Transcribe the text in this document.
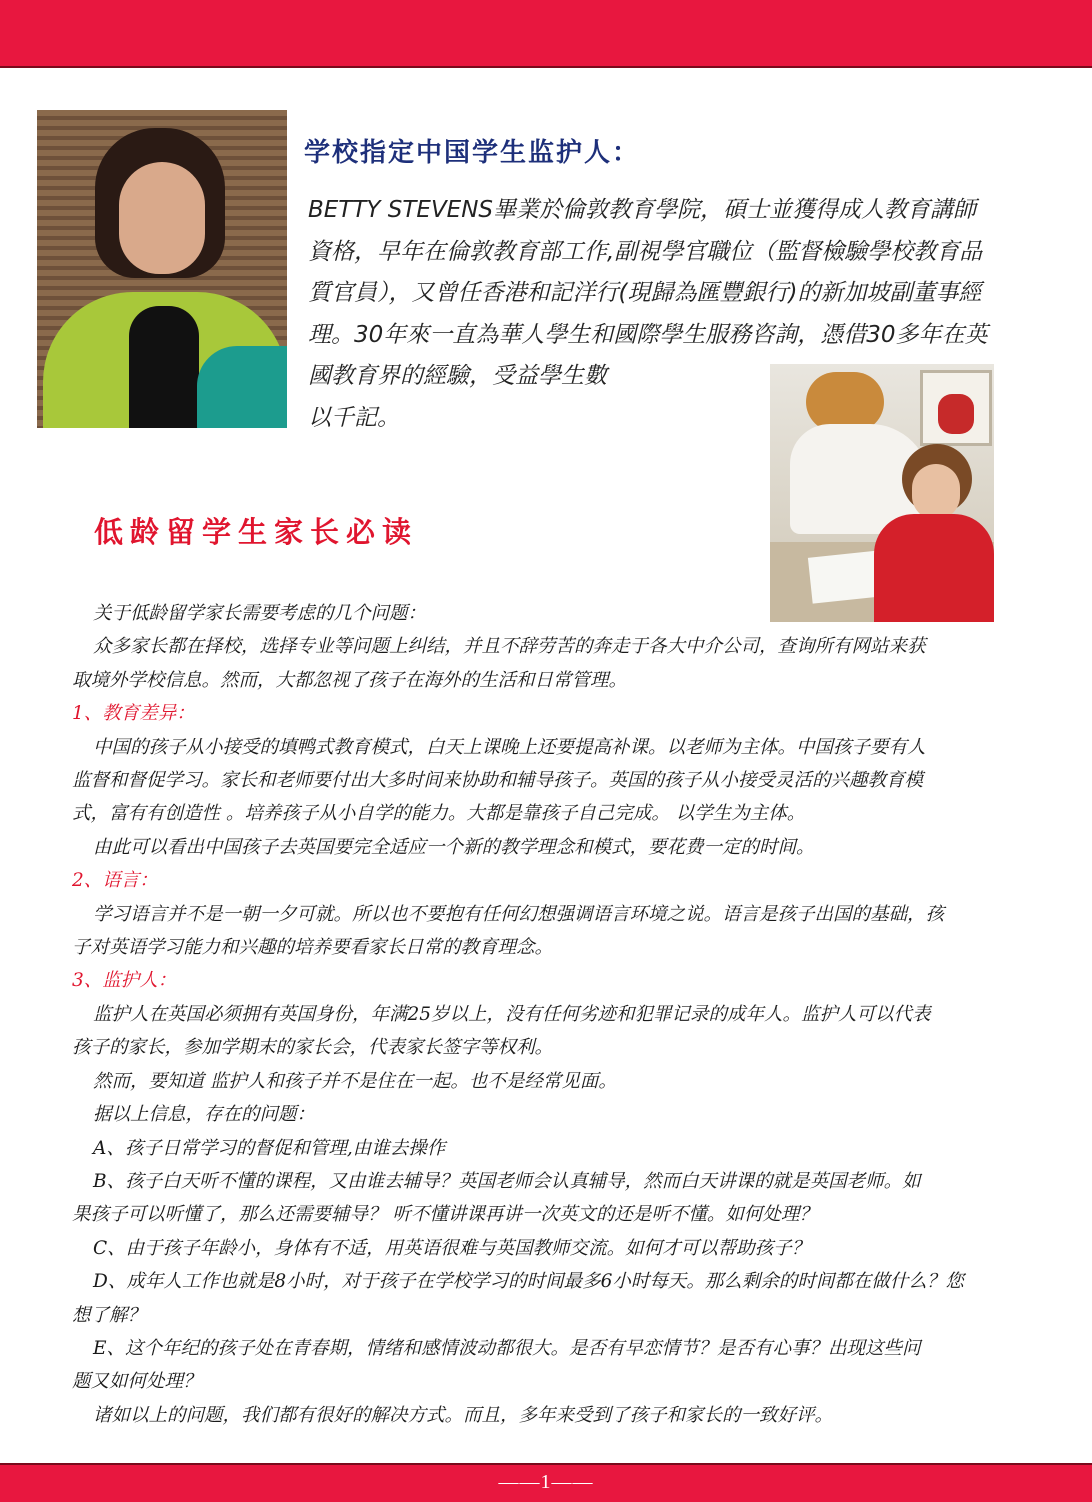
学校指定中国学生监护人：
BETTY STEVENS畢業於倫敦教育學院，碩士並獲得成人教育講師
資格，早年在倫敦教育部工作,副視學官職位（監督檢驗學校教育品
質官員），又曾任香港和記洋行(現歸為匯豐銀行)的新加坡副董事經
理。30年來一直為華人學生和國際學生服務咨詢，憑借30多年在英
國教育界的經驗，受益學生數
以千記。
低龄留学生家长必读
关于低龄留学家长需要考虑的几个问题：
众多家长都在择校，选择专业等问题上纠结，并且不辞劳苦的奔走于各大中介公司，查询所有网站来获
取境外学校信息。然而，大都忽视了孩子在海外的生活和日常管理。
1、教育差异：
中国的孩子从小接受的填鸭式教育模式，白天上课晚上还要提高补课。以老师为主体。中国孩子要有人
监督和督促学习。家长和老师要付出大多时间来协助和辅导孩子。英国的孩子从小接受灵活的兴趣教育模
式，富有有创造性 。培养孩子从小自学的能力。大都是靠孩子自己完成。 以学生为主体。
由此可以看出中国孩子去英国要完全适应一个新的教学理念和模式，要花费一定的时间。
2、语言：
学习语言并不是一朝一夕可就。所以也不要抱有任何幻想强调语言环境之说。语言是孩子出国的基础，孩
子对英语学习能力和兴趣的培养要看家长日常的教育理念。
3、监护人：
监护人在英国必须拥有英国身份，年满25岁以上，没有任何劣迹和犯罪记录的成年人。监护人可以代表
孩子的家长，参加学期末的家长会，代表家长签字等权利。
然而，要知道 监护人和孩子并不是住在一起。也不是经常见面。
据以上信息，存在的问题：
A、孩子日常学习的督促和管理,由谁去操作
B、孩子白天听不懂的课程，又由谁去辅导？英国老师会认真辅导，然而白天讲课的就是英国老师。如
果孩子可以听懂了，那么还需要辅导？ 听不懂讲课再讲一次英文的还是听不懂。如何处理？
C、由于孩子年龄小，身体有不适，用英语很难与英国教师交流。如何才可以帮助孩子？
D、成年人工作也就是8小时，对于孩子在学校学习的时间最多6小时每天。那么剩余的时间都在做什么？您
想了解？
E、这个年纪的孩子处在青春期，情绪和感情波动都很大。是否有早恋情节？是否有心事？出现这些问
题又如何处理？
诸如以上的问题，我们都有很好的解决方式。而且，多年来受到了孩子和家长的一致好评。
——1——
